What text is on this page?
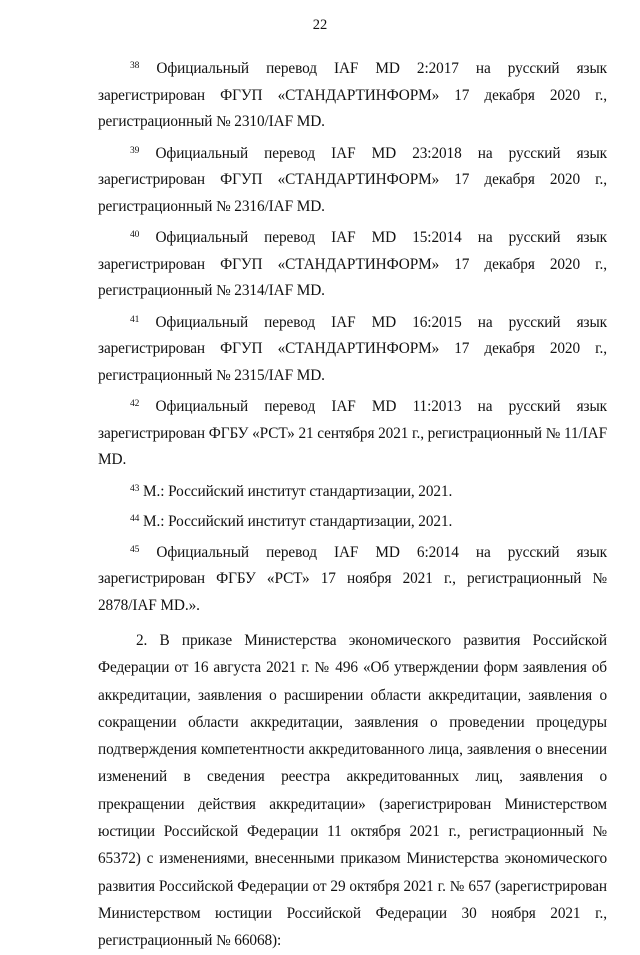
22

$^{38}$ Официальный перевод IAF MD 2:2017 на русский язык зарегистрирован ФГУП «СТАНДАРТИНФОРМ» 17 декабря 2020 г., регистрационный № 2310/IAF MD.

$^{39}$ Официальный перевод IAF MD 23:2018 на русский язык зарегистрирован ФГУП «СТАНДАРТИНФОРМ» 17 декабря 2020 г., регистрационный № 2316/IAF MD.

$^{40}$ Официальный перевод IAF MD 15:2014 на русский язык зарегистрирован ФГУП «СТАНДАРТИНФОРМ» 17 декабря 2020 г., регистрационный № 2314/IAF MD.

$^{41}$ Официальный перевод IAF MD 16:2015 на русский язык зарегистрирован ФГУП «СТАНДАРТИНФОРМ» 17 декабря 2020 г., регистрационный № 2315/IAF MD.

$^{42}$ Официальный перевод IAF MD 11:2013 на русский язык зарегистрирован ФГБУ «РСТ» 21 сентября 2021 г., регистрационный № 11/IAF MD.

$^{43}$ М.: Российский институт стандартизации, 2021.

$^{44}$ М.: Российский институт стандартизации, 2021.

$^{45}$ Официальный перевод IAF MD 6:2014 на русский язык зарегистрирован ФГБУ «РСТ» 17 ноября 2021 г., регистрационный № 2878/IAF MD.».

2. В приказе Министерства экономического развития Российской Федерации от 16 августа 2021 г. № 496 «Об утверждении форм заявления об аккредитации, заявления о расширении области аккредитации, заявления о сокращении области аккредитации, заявления о проведении процедуры подтверждения компетентности аккредитованного лица, заявления о внесении изменений в сведения реестра аккредитованных лиц, заявления о прекращении действия аккредитации» (зарегистрирован Министерством юстиции Российской Федерации 11 октября 2021 г., регистрационный № 65372) с изменениями, внесенными приказом Министерства экономического развития Российской Федерации от 29 октября 2021 г. № 657 (зарегистрирован Министерством юстиции Российской Федерации 30 ноября 2021 г., регистрационный № 66068):
